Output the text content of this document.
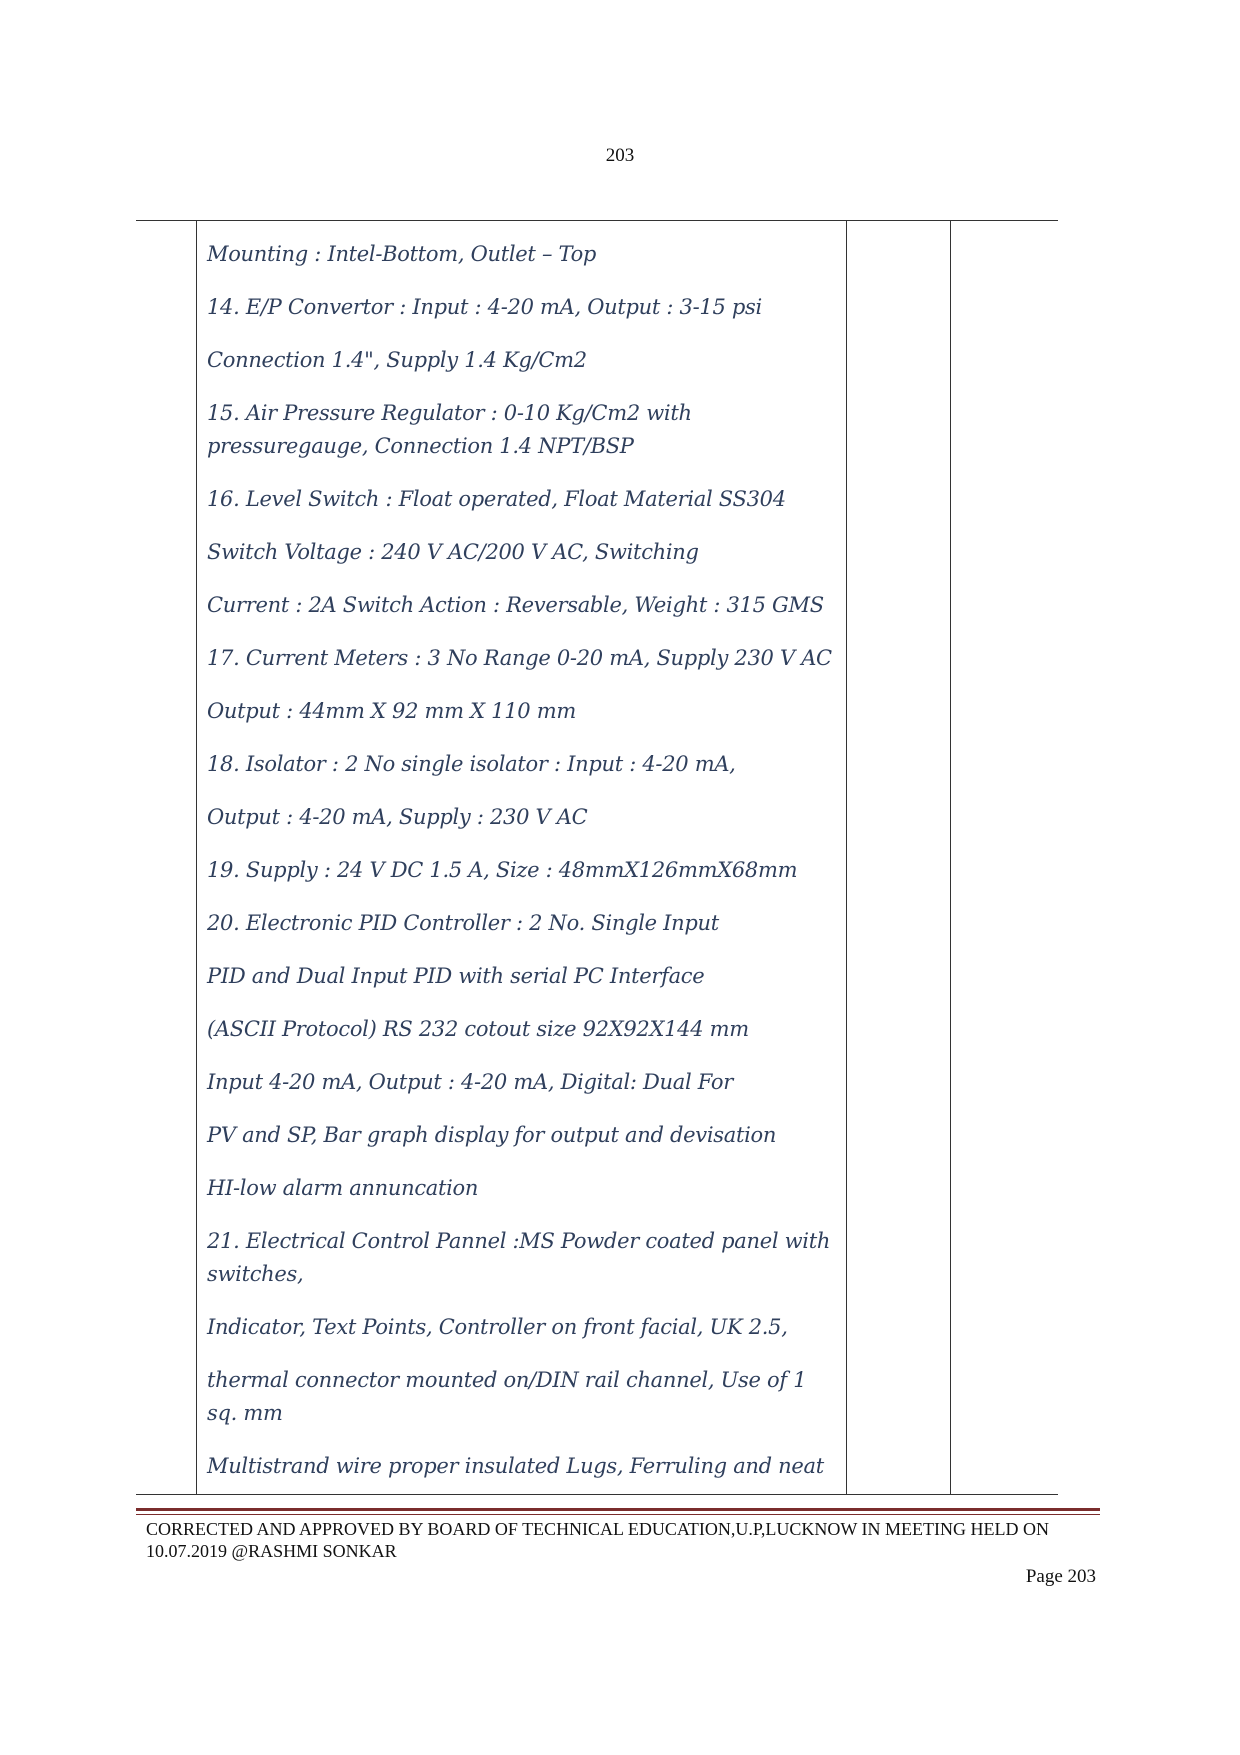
203

Mounting : Intel-Bottom, Outlet – Top

14. E/P Convertor : Input : 4-20 mA, Output : 3-15 psi

Connection 1.4", Supply 1.4 Kg/Cm2

15. Air Pressure Regulator : 0-10 Kg/Cm2 with pressuregauge, Connection 1.4 NPT/BSP

16. Level Switch : Float operated, Float Material SS304

Switch Voltage : 240 V AC/200 V AC, Switching

Current : 2A Switch Action : Reversable, Weight : 315 GMS

17. Current Meters : 3 No Range 0-20 mA, Supply 230 V AC

Output : 44mm X 92 mm X 110 mm

18. Isolator : 2 No single isolator : Input : 4-20 mA,

Output : 4-20 mA, Supply : 230 V AC

19. Supply : 24 V DC 1.5 A, Size : 48mmX126mmX68mm

20. Electronic PID Controller : 2 No. Single Input

PID and Dual Input PID with serial PC Interface

(ASCII Protocol) RS 232 cotout size 92X92X144 mm

Input 4-20 mA, Output : 4-20 mA, Digital: Dual For

PV and SP, Bar graph display for output and devisation

HI-low alarm annuncation

21. Electrical Control Pannel :MS Powder coated panel with switches,

Indicator, Text Points, Controller on front facial, UK 2.5,

thermal connector mounted on/DIN rail channel, Use of 1 sq. mm

Multistrand wire proper insulated Lugs, Ferruling and neat

CORRECTED AND APPROVED BY BOARD OF TECHNICAL EDUCATION,U.P,LUCKNOW IN MEETING HELD ON 10.07.2019 @RASHMI SONKAR
Page 203
